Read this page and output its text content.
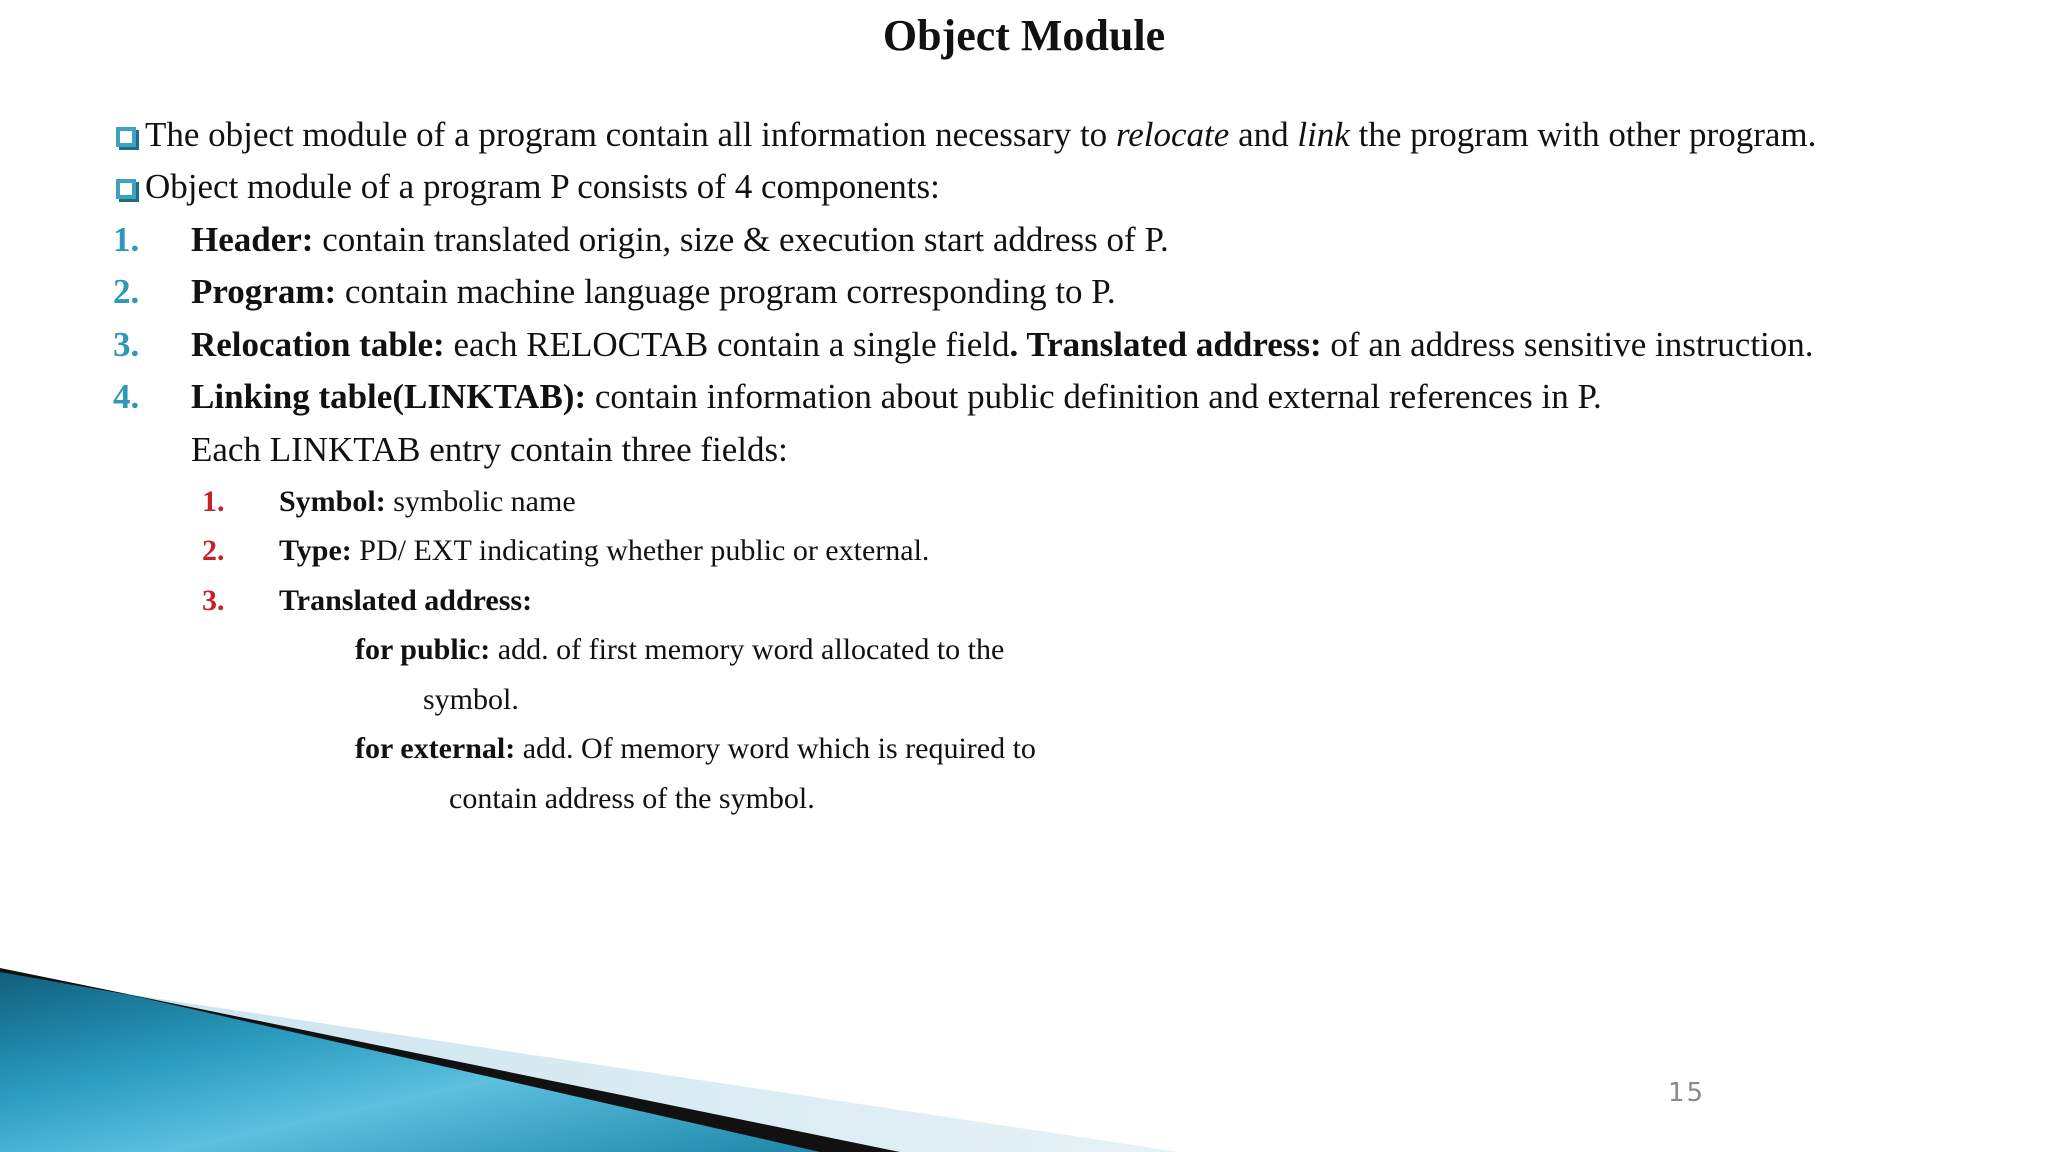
Object Module
The object module of a program contain all information necessary to relocate and link the program with other program.
Object module of a program P consists of 4 components:
1. Header: contain translated origin, size & execution start address of P.
2. Program: contain machine language program corresponding to P.
3. Relocation table: each RELOCTAB contain a single field. Translated address: of an address sensitive instruction.
4. Linking table(LINKTAB): contain information about public definition and external references in P.
Each LINKTAB entry contain three fields:
1. Symbol: symbolic name
2. Type: PD/ EXT indicating whether public or external.
3. Translated address:
for public: add. of first memory word allocated to the
symbol.
for external: add. Of memory word which is required to
contain address of the symbol.
15
